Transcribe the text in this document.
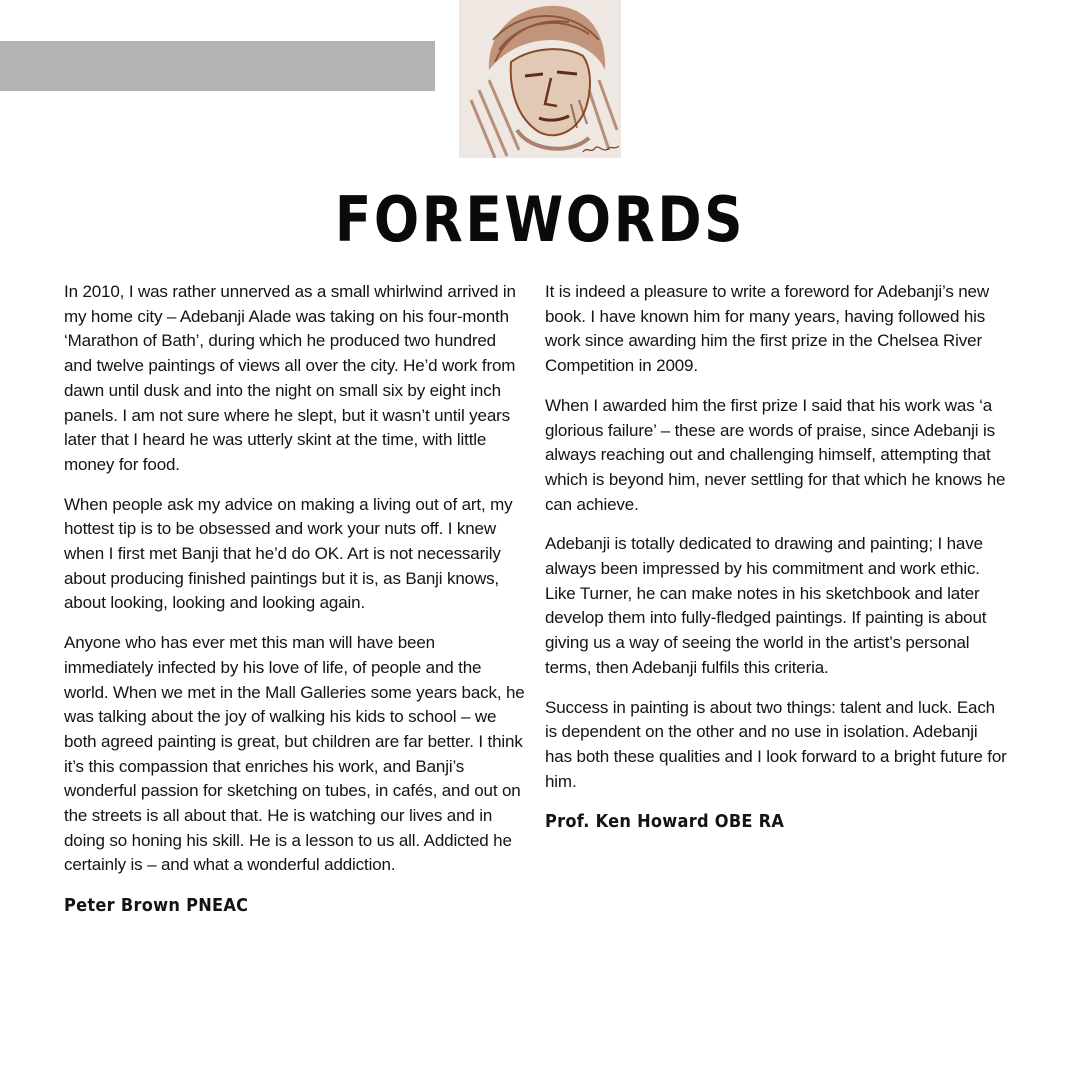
FOREWORDS

In 2010, I was rather unnerved as a small whirlwind arrived in my home city – Adebanji Alade was taking on his four-month ‘Marathon of Bath’, during which he produced two hundred and twelve paintings of views all over the city. He’d work from dawn until dusk and into the night on small six by eight inch panels. I am not sure where he slept, but it wasn’t until years later that I heard he was utterly skint at the time, with little money for food.

When people ask my advice on making a living out of art, my hottest tip is to be obsessed and work your nuts off. I knew when I first met Banji that he’d do OK. Art is not necessarily about producing finished paintings but it is, as Banji knows, about looking, looking and looking again.

Anyone who has ever met this man will have been immediately infected by his love of life, of people and the world. When we met in the Mall Galleries some years back, he was talking about the joy of walking his kids to school – we both agreed painting is great, but children are far better. I think it’s this compassion that enriches his work, and Banji’s wonderful passion for sketching on tubes, in cafés, and out on the streets is all about that. He is watching our lives and in doing so honing his skill. He is a lesson to us all. Addicted he certainly is – and what a wonderful addiction.

Peter Brown PNEAC

It is indeed a pleasure to write a foreword for Adebanji’s new book. I have known him for many years, having followed his work since awarding him the first prize in the Chelsea River Competition in 2009.

When I awarded him the first prize I said that his work was ‘a glorious failure’ – these are words of praise, since Adebanji is always reaching out and challenging himself, attempting that which is beyond him, never settling for that which he knows he can achieve.

Adebanji is totally dedicated to drawing and painting; I have always been impressed by his commitment and work ethic. Like Turner, he can make notes in his sketchbook and later develop them into fully-fledged paintings. If painting is about giving us a way of seeing the world in the artist’s personal terms, then Adebanji fulfils this criteria.

Success in painting is about two things: talent and luck. Each is dependent on the other and no use in isolation. Adebanji has both these qualities and I look forward to a bright future for him.

Prof. Ken Howard OBE RA
